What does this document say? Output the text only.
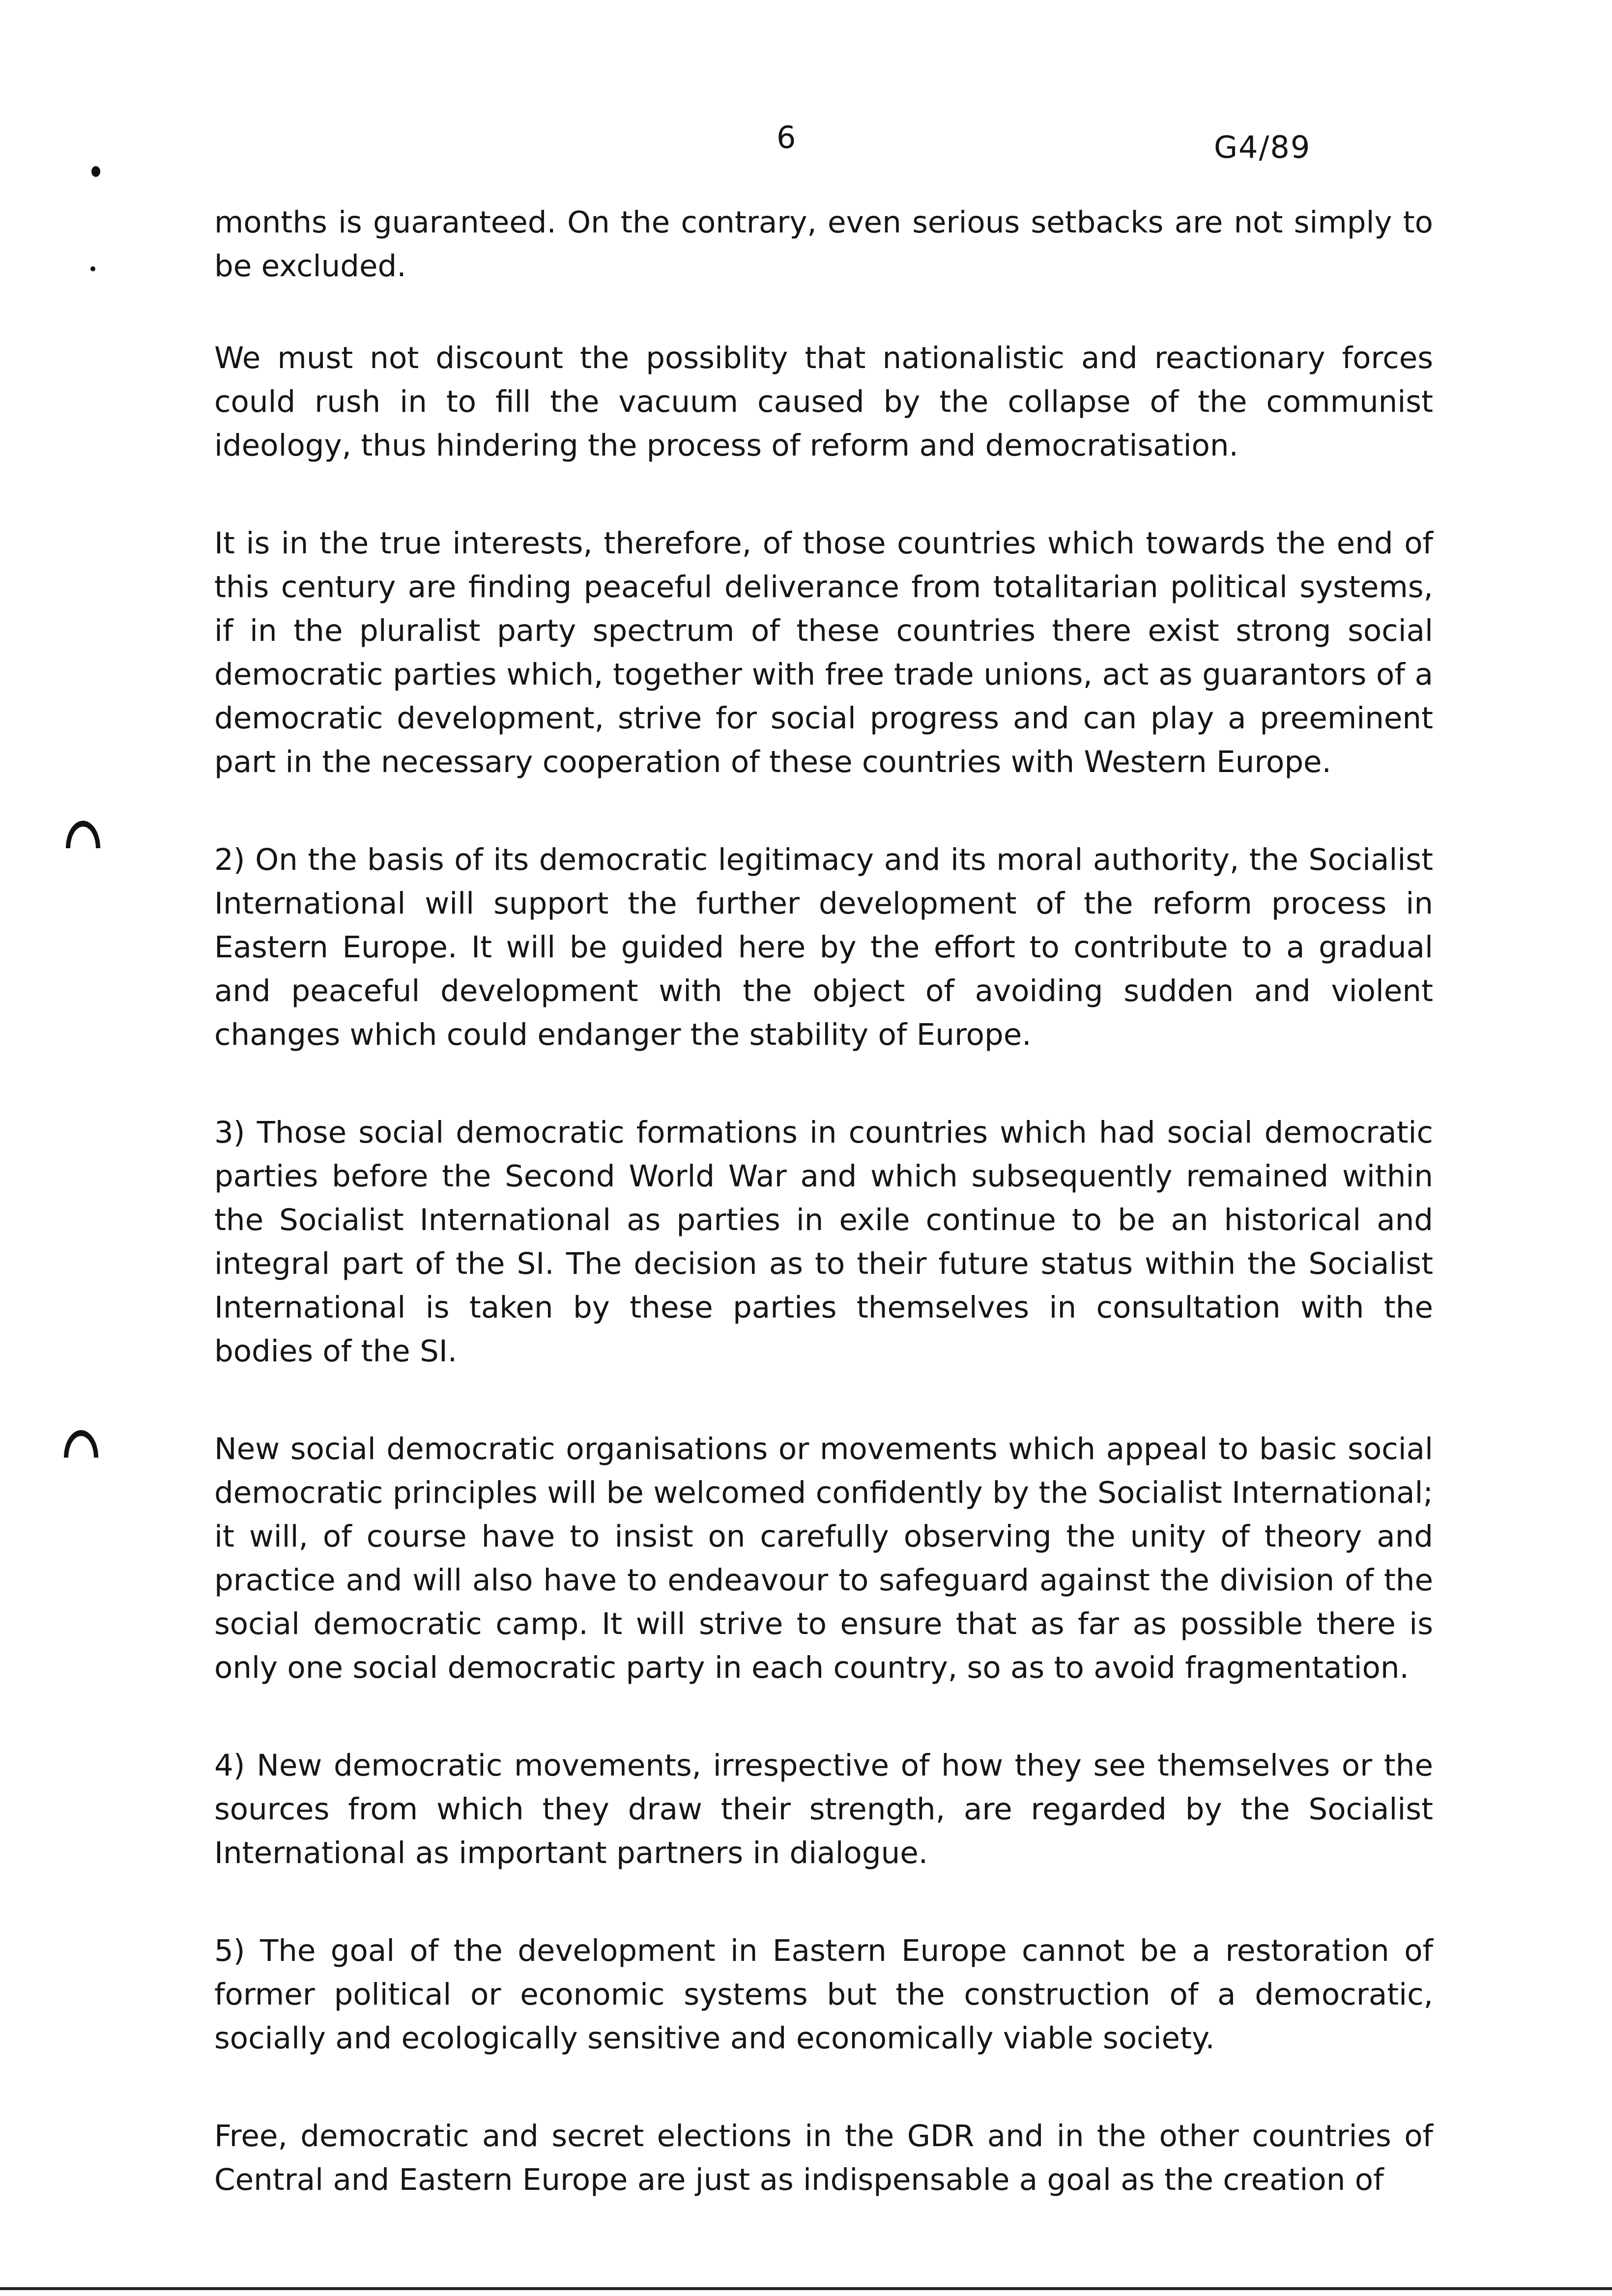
6	G4/89

months is guaranteed. On the contrary, even serious setbacks are not simply to be excluded.

We must not discount the possiblity that nationalistic and reactionary forces could rush in to fill the vacuum caused by the collapse of the communist ideology, thus hindering the process of reform and democratisation.

It is in the true interests, therefore, of those countries which towards the end of this century are finding peaceful deliverance from totalitarian political systems, if in the pluralist party spectrum of these countries there exist strong social democratic parties which, together with free trade unions, act as guarantors of a democratic development, strive for social progress and can play a preeminent part in the necessary cooperation of these countries with Western Europe.

2) On the basis of its democratic legitimacy and its moral authority, the Socialist International will support the further development of the reform process in Eastern Europe. It will be guided here by the effort to contribute to a gradual and peaceful development with the object of avoiding sudden and violent changes which could endanger the stability of Europe.

3) Those social democratic formations in countries which had social democratic parties before the Second World War and which subsequently remained within the Socialist International as parties in exile continue to be an historical and integral part of the SI. The decision as to their future status within the Socialist International is taken by these parties themselves in consultation with the bodies of the SI.

New social democratic organisations or movements which appeal to basic social democratic principles will be welcomed confidently by the Socialist International; it will, of course have to insist on carefully observing the unity of theory and practice and will also have to endeavour to safeguard against the division of the social democratic camp. It will strive to ensure that as far as possible there is only one social democratic party in each country, so as to avoid fragmentation.

4) New democratic movements, irrespective of how they see themselves or the sources from which they draw their strength, are regarded by the Socialist International as important partners in dialogue.

5) The goal of the development in Eastern Europe cannot be a restoration of former political or economic systems but the construction of a democratic, socially and ecologically sensitive and economically viable society.

Free, democratic and secret elections in the GDR and in the other countries of Central and Eastern Europe are just as indispensable a goal as the creation of
